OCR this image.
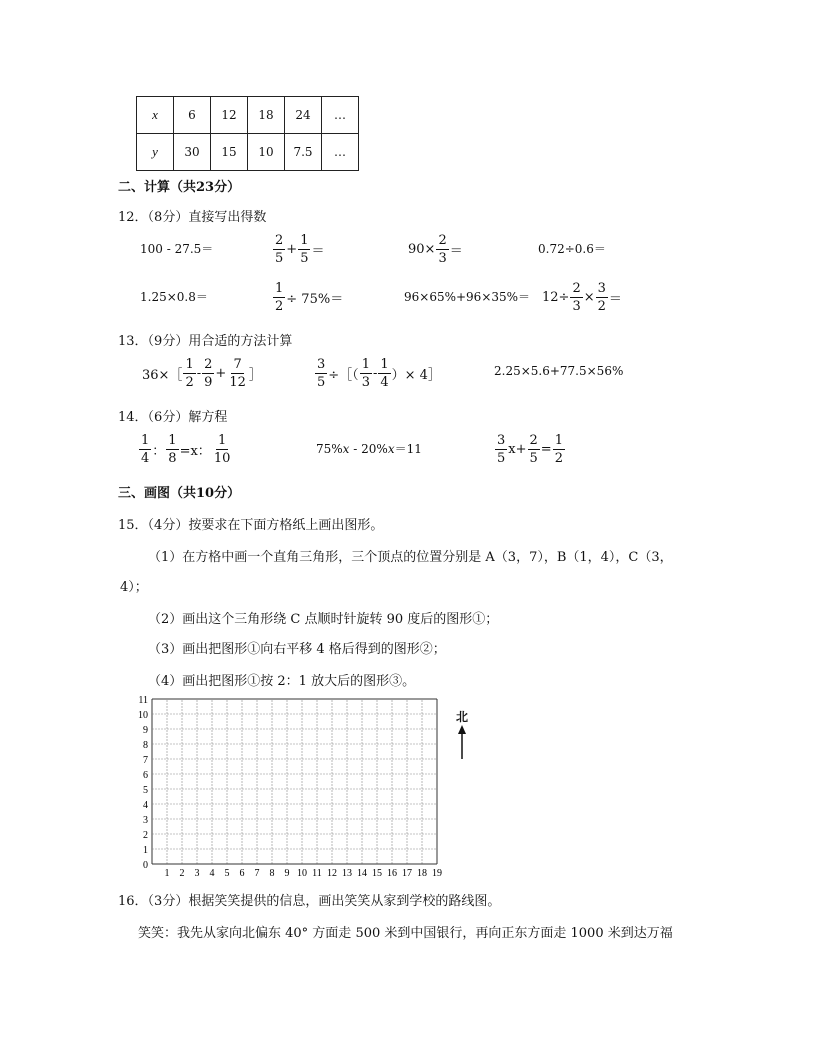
x	6	12	18	24	…
y	30	15	10	7.5	…
二、计算（共23分）
12．（8分）直接写出得数
100 - 27.5＝	$\frac{2}{5} + \frac{1}{5}$ ＝	$90\times \frac{2}{3}$ ＝	0.72÷0.6＝
1.25×0.8＝	$\frac{1}{2} \div 75\%=$	$96\times 65\%+96\times 35\%= 12\div \frac{2}{3} \times \frac{3}{2}$ ＝
13．（9分）用合适的方法计算
36×［ $\frac{1}{2} - \frac{2}{9} + \frac{7}{12}$ ］	$\frac{3}{5}$ ÷［（ $\frac{1}{3} - \frac{1}{4}$ ）× 4］	2.25×5.6+77.5×56%
14．（6分）解方程
$\frac{1}{4}$ ： $\frac{1}{8} =x$： $\frac{1}{10}$	75%x - 20%x＝11	$\frac{3}{5} x+ \frac{2}{5} = \frac{1}{2}$
三、画图（共10分）
15．（4分）按要求在下面方格纸上画出图形。
（1）在方格中画一个直角三角形，三个顶点的位置分别是 A（3，7），B（1，4），C（3，
4）；
（2）画出这个三角形绕 C 点顺时针旋转 90 度后的图形①；
（3）画出把图形①向右平移 4 格后得到的图形②；
（4）画出把图形①按 2：1 放大后的图形③。
1 2 3 4 5 6 7 8 9 10 11 12 13 14 15 16 17 18 19
0
1
2
3
4
5
6
7
8
9
10
11
北
16．（3分）根据笑笑提供的信息，画出笑笑从家到学校的路线图。
笑笑：我先从家向北偏东 40° 方面走 500 米到中国银行，再向正东方面走 1000 米到达万福
